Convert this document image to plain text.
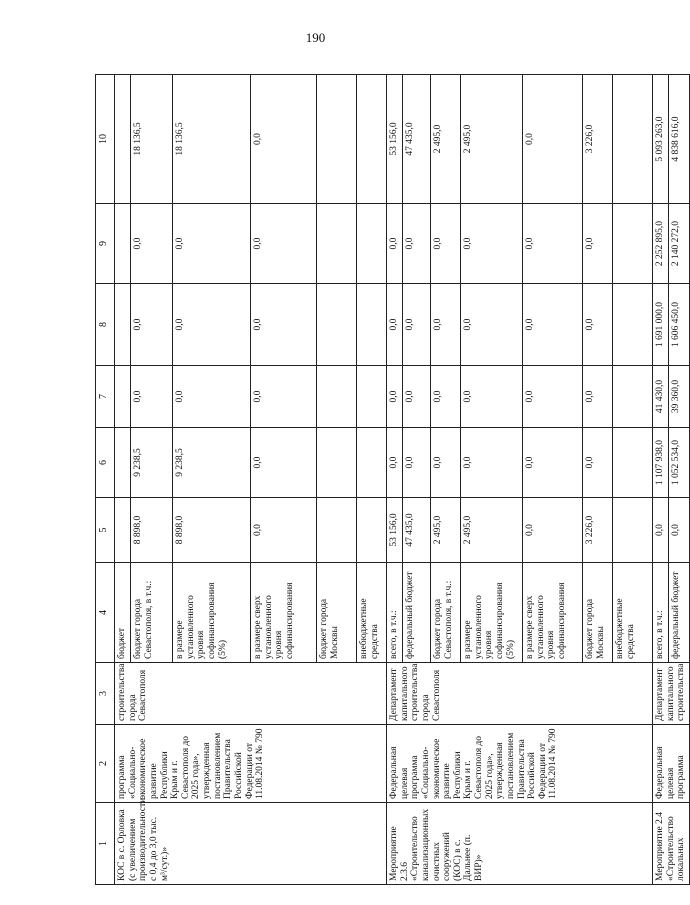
190
1	2	3	4	5	6	7	8	9	10
КОС в с. Орловка (с увеличением производительности с 0,4 до 3,0 тыс. м³/сут.)»	программа «Социально-экономическое развитие Республики Крым и г. Севастополя до 2025 года», утвержденная постановлением Правительства Российской Федерации от 11.08.2014 № 790	строительства города Севастополя	бюджет						
			бюджет города Севастополя, в т.ч.:	8 898,0	9 238,5	0,0	0,0	0,0	18 136,5
			в размере установленного уровня софинансирования (5%)	8 898,0	9 238,5	0,0	0,0	0,0	18 136,5
			в размере сверх установленного уровня софинансирования	0,0	0,0	0,0	0,0	0,0	0,0
			бюджет города Москвы						
			внебюджетные средства						
Мероприятие 2.3.6 «Строительство канализационных очистных сооружений (КОС) в с. Дальнее (п. ВИР)»	Федеральная целевая программа «Социально-экономическое развитие Республики Крым и г. Севастополя до 2025 года», утвержденная постановлением Правительства Российской Федерации от 11.08.2014 № 790	Департамент капитального строительства города Севастополя	всего, в т.ч.:	53 156,0	0,0	0,0	0,0	0,0	53 156,0
			федеральный бюджет	47 435,0	0,0	0,0	0,0	0,0	47 435,0
			бюджет города Севастополя, в т.ч.:	2 495,0	0,0	0,0	0,0	0,0	2 495,0
			в размере установленного уровня софинансирования (5%)	2 495,0	0,0	0,0	0,0	0,0	2 495,0
			в размере сверх установленного уровня софинансирования	0,0	0,0	0,0	0,0	0,0	0,0
			бюджет города Москвы	3 226,0	0,0	0,0	0,0	0,0	3 226,0
			внебюджетные средства						
Мероприятие 2.4 «Строительство локальных	Федеральная целевая программа	Департамент капитального строительства	всего, в т.ч.:	0,0	1 107 938,0	41 430,0	1 691 000,0	2 252 895,0	5 093 263,0
			федеральный бюджет	0,0	1 052 534,0	39 360,0	1 606 450,0	2 140 272,0	4 838 616,0
